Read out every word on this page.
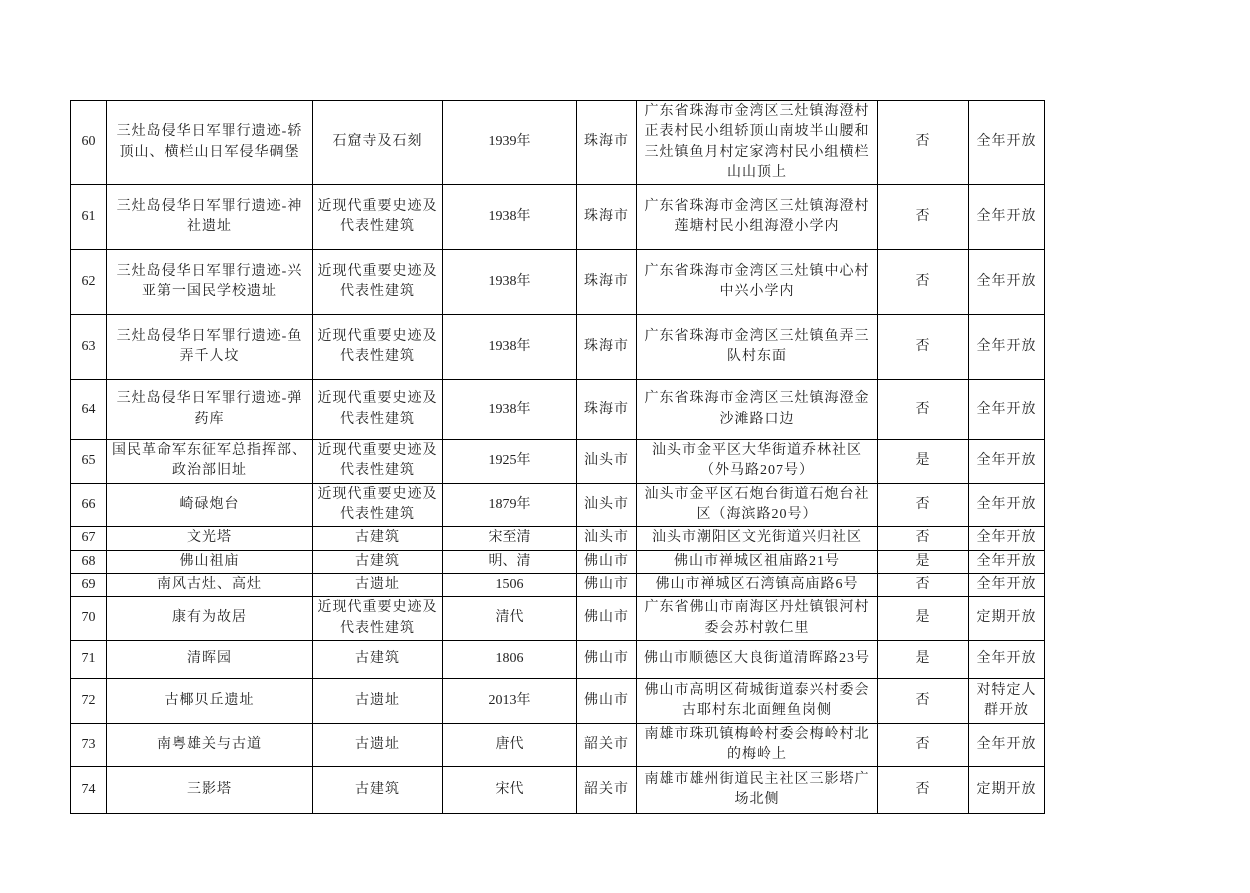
60	三灶岛侵华日军罪行遗迹-轿顶山、横栏山日军侵华碉堡	石窟寺及石刻	1939年	珠海市	广东省珠海市金湾区三灶镇海澄村正表村民小组轿顶山南坡半山腰和三灶镇鱼月村定家湾村民小组横栏山山顶上	否	全年开放
61	三灶岛侵华日军罪行遗迹-神社遗址	近现代重要史迹及代表性建筑	1938年	珠海市	广东省珠海市金湾区三灶镇海澄村莲塘村民小组海澄小学内	否	全年开放
62	三灶岛侵华日军罪行遗迹-兴亚第一国民学校遗址	近现代重要史迹及代表性建筑	1938年	珠海市	广东省珠海市金湾区三灶镇中心村中兴小学内	否	全年开放
63	三灶岛侵华日军罪行遗迹-鱼弄千人坟	近现代重要史迹及代表性建筑	1938年	珠海市	广东省珠海市金湾区三灶镇鱼弄三队村东面	否	全年开放
64	三灶岛侵华日军罪行遗迹-弹药库	近现代重要史迹及代表性建筑	1938年	珠海市	广东省珠海市金湾区三灶镇海澄金沙滩路口边	否	全年开放
65	国民革命军东征军总指挥部、政治部旧址	近现代重要史迹及代表性建筑	1925年	汕头市	汕头市金平区大华街道乔林社区（外马路207号）	是	全年开放
66	崎碌炮台	近现代重要史迹及代表性建筑	1879年	汕头市	汕头市金平区石炮台街道石炮台社区（海滨路20号）	否	全年开放
67	文光塔	古建筑	宋至清	汕头市	汕头市潮阳区文光街道兴归社区	否	全年开放
68	佛山祖庙	古建筑	明、清	佛山市	佛山市禅城区祖庙路21号	是	全年开放
69	南风古灶、高灶	古遗址	1506	佛山市	佛山市禅城区石湾镇高庙路6号	否	全年开放
70	康有为故居	近现代重要史迹及代表性建筑	清代	佛山市	广东省佛山市南海区丹灶镇银河村委会苏村敦仁里	是	定期开放
71	清晖园	古建筑	1806	佛山市	佛山市顺德区大良街道清晖路23号	是	全年开放
72	古椰贝丘遗址	古遗址	2013年	佛山市	佛山市高明区荷城街道泰兴村委会古耶村东北面鲤鱼岗侧	否	对特定人群开放
73	南粤雄关与古道	古遗址	唐代	韶关市	南雄市珠玑镇梅岭村委会梅岭村北的梅岭上	否	全年开放
74	三影塔	古建筑	宋代	韶关市	南雄市雄州街道民主社区三影塔广场北侧	否	定期开放
